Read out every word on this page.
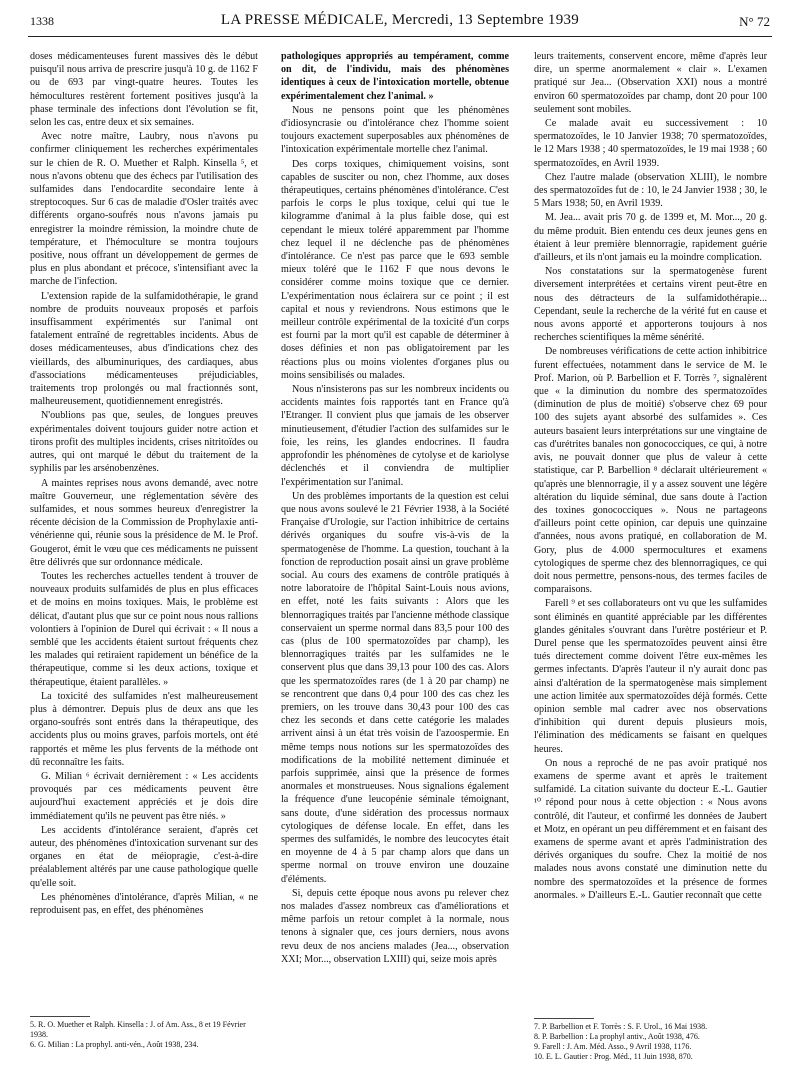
1338	LA PRESSE MÉDICALE, Mercredi, 13 Septembre 1939	N° 72

doses médicamenteuses furent massives dès le début puisqu'il nous arriva de prescrire jusqu'à 10 g. de 1162 F ou de 693 par vingt-quatre heures. Toutes les hémocultures restèrent fortement positives jusqu'à la phase terminale des infections dont l'évolution se fit, selon les cas, entre deux et six semaines.

Avec notre maître, Laubry, nous n'avons pu confirmer cliniquement les recherches expérimentales sur le chien de R. O. Muether et Ralph. Kinsella ⁵, et nous n'avons obtenu que des échecs par l'utilisation des sulfamides dans l'endocardite secondaire lente à streptocoques. Sur 6 cas de maladie d'Osler traités avec différents organo-soufrés nous n'avons jamais pu enregistrer la moindre rémission, la moindre chute de température, et l'hémoculture se montra toujours positive, nous offrant un développement de germes de plus en plus abondant et précoce, s'intensifiant avec la marche de l'infection.

L'extension rapide de la sulfamidothérapie, le grand nombre de produits nouveaux proposés et parfois insuffisamment expérimentés sur l'animal ont fatalement entraîné de regrettables incidents. Abus de doses médicamenteuses, abus d'indications chez des vieillards, des albuminuriques, des cardiaques, abus d'associations médicamenteuses préjudiciables, traitements trop prolongés ou mal fractionnés sont, malheureusement, quotidiennement enregistrés.

N'oublions pas que, seules, de longues preuves expérimentales doivent toujours guider notre action et tirons profit des multiples incidents, crises nitritoïdes ou autres, qui ont marqué le début du traitement de la syphilis par les arsénobenzènes.

A maintes reprises nous avons demandé, avec notre maître Gouverneur, une réglementation sévère des sulfamides, et nous sommes heureux d'enregistrer la récente décision de la Commission de Prophylaxie anti-vénérienne qui, réunie sous la présidence de M. le Prof. Gougerot, émit le vœu que ces médicaments ne puissent être délivrés que sur ordonnance médicale.

Toutes les recherches actuelles tendent à trouver de nouveaux produits sulfamidés de plus en plus efficaces et de moins en moins toxiques. Mais, le problème est délicat, d'autant plus que sur ce point nous nous rallions volontiers à l'opinion de Durel qui écrivait : « Il nous a semblé que les accidents étaient surtout fréquents chez les malades qui retiraient rapidement un bénéfice de la thérapeutique, comme si les deux actions, toxique et thérapeutique, étaient parallèles. »

La toxicité des sulfamides n'est malheureusement plus à démontrer. Depuis plus de deux ans que les organo-soufrés sont entrés dans la thérapeutique, des accidents plus ou moins graves, parfois mortels, ont été rapportés et même les plus fervents de la méthode ont dû reconnaître les faits.

G. Milian ⁶ écrivait dernièrement : « Les accidents provoqués par ces médicaments peuvent être aujourd'hui exactement appréciés et je dois dire immédiatement qu'ils ne peuvent pas être niés. »

Les accidents d'intolérance seraient, d'après cet auteur, des phénomènes d'intoxication survenant sur des organes en état de méiopragie, c'est-à-dire préalablement altérés par une cause pathologique quelle qu'elle soit.

Les phénomènes d'intolérance, d'après Milian, « ne reproduisent pas, en effet, des phénomènes

pathologiques appropriés au tempérament, comme on dit, de l'individu, mais des phénomènes identiques à ceux de l'intoxication mortelle, obtenue expérimentalement chez l'animal. »

Nous ne pensons point que les phénomènes d'idiosyncrasie ou d'intolérance chez l'homme soient toujours exactement superposables aux phénomènes de l'intoxication expérimentale mortelle chez l'animal.

Des corps toxiques, chimiquement voisins, sont capables de susciter ou non, chez l'homme, aux doses thérapeutiques, certains phénomènes d'intolérance. C'est parfois le corps le plus toxique, celui qui tue le kilogramme d'animal à la plus faible dose, qui est cependant le mieux toléré apparemment par l'homme chez lequel il ne déclenche pas de phénomènes d'intolérance. Ce n'est pas parce que le 693 semble mieux toléré que le 1162 F que nous devons le considérer comme moins toxique que ce dernier. L'expérimentation nous éclairera sur ce point ; il est capital et nous y reviendrons. Nous estimons que le meilleur contrôle expérimental de la toxicité d'un corps est fourni par la mort qu'il est capable de déterminer à doses définies et non pas obligatoirement par les réactions plus ou moins violentes d'organes plus ou moins sensibilisés ou malades.

Nous n'insisterons pas sur les nombreux incidents ou accidents maintes fois rapportés tant en France qu'à l'Etranger. Il convient plus que jamais de les observer minutieusement, d'étudier l'action des sulfamides sur le foie, les reins, les glandes endocrines. Il faudra approfondir les phénomènes de cytolyse et de kariolyse déclenchés et il conviendra de multiplier l'expérimentation sur l'animal.

Un des problèmes importants de la question est celui que nous avons soulevé le 21 Février 1938, à la Société Française d'Urologie, sur l'action inhibitrice de certains dérivés organiques du soufre vis-à-vis de la spermatogenèse de l'homme. La question, touchant à la fonction de reproduction posait ainsi un grave problème social. Au cours des examens de contrôle pratiqués à notre laboratoire de l'hôpital Saint-Louis nous avions, en effet, noté les faits suivants : Alors que les blennorragiques traités par l'ancienne méthode classique conservaient un sperme normal dans 83,5 pour 100 des cas (plus de 100 spermatozoïdes par champ), les blennorragiques traités par les sulfamides ne le conservent plus que dans 39,13 pour 100 des cas. Alors que les spermatozoïdes rares (de 1 à 20 par champ) ne se rencontrent que dans 0,4 pour 100 des cas chez les premiers, on les trouve dans 30,43 pour 100 des cas chez les seconds et dans cette catégorie les malades arrivent ainsi à un état très voisin de l'azoospermie. En même temps nous notions sur les spermatozoïdes des modifications de la mobilité nettement diminuée et parfois supprimée, ainsi que la présence de formes anormales et monstrueuses. Nous signalions également la fréquence d'une leucopénie séminale témoignant, sans doute, d'une sidération des processus normaux cytologiques de défense locale. En effet, dans les spermes des sulfamidés, le nombre des leucocytes était en moyenne de 4 à 5 par champ alors que dans un sperme normal on trouve environ une douzaine d'éléments.

Si, depuis cette époque nous avons pu relever chez nos malades d'assez nombreux cas d'améliorations et même parfois un retour complet à la normale, nous tenons à signaler que, ces jours derniers, nous avons revu deux de nos anciens malades (Jea..., observation XXI; Mor..., observation LXIII) qui, seize mois après

leurs traitements, conservent encore, même d'après leur dire, un sperme anormalement « clair ». L'examen pratiqué sur Jea... (Observation XXI) nous a montré environ 60 spermatozoïdes par champ, dont 20 pour 100 seulement sont mobiles.

Ce malade avait eu successivement : 10 spermatozoïdes, le 10 Janvier 1938; 70 spermatozoïdes, le 12 Mars 1938 ; 40 spermatozoïdes, le 19 mai 1938 ; 60 spermatozoïdes, en Avril 1939.

Chez l'autre malade (observation XLIII), le nombre des spermatozoïdes fut de : 10, le 24 Janvier 1938 ; 30, le 5 Mars 1938; 50, en Avril 1939.

M. Jea... avait pris 70 g. de 1399 et, M. Mor..., 20 g. du même produit. Bien entendu ces deux jeunes gens en étaient à leur première blennorragie, rapidement guérie d'ailleurs, et ils n'ont jamais eu la moindre complication.

Nos constatations sur la spermatogenèse furent diversement interprétées et certains virent peut-être en nous des détracteurs de la sulfamidothérapie... Cependant, seule la recherche de la vérité fut en cause et nous avons apporté et apporterons toujours à nos recherches scientifiques la même sénérité.

De nombreuses vérifications de cette action inhibitrice furent effectuées, notamment dans le service de M. le Prof. Marion, où P. Barbellion et F. Torrès ⁷, signalèrent que « la diminution du nombre des spermatozoïdes (diminution de plus de moitié) s'observe chez 69 pour 100 des sujets ayant absorbé des sulfamides ». Ces auteurs basaient leurs interprétations sur une vingtaine de cas d'urétrites banales non gonococciques, ce qui, à notre avis, ne pouvait donner que plus de valeur à cette statistique, car P. Barbellion ⁸ déclarait ultérieurement « qu'après une blennorragie, il y a assez souvent une légère altération du liquide séminal, due sans doute à l'action des toxines gonococciques ». Nous ne partageons d'ailleurs point cette opinion, car depuis une quinzaine d'années, nous avons pratiqué, en collaboration de M. Gory, plus de 4.000 spermocultures et examens cytologiques de sperme chez des blennorragiques, ce qui doit nous permettre, pensons-nous, des termes faciles de comparaisons.

Farell ⁹ et ses collaborateurs ont vu que les sulfamides sont éliminés en quantité appréciable par les différentes glandes génitales s'ouvrant dans l'urètre postérieur et P. Durel pense que les spermatozoïdes peuvent ainsi être tués directement comme doivent l'être eux-mêmes les germes infectants. D'après l'auteur il n'y aurait donc pas ainsi d'altération de la spermatogenèse mais simplement une action limitée aux spermatozoïdes déjà formés. Cette opinion semble mal cadrer avec nos observations d'inhibition qui durent depuis plusieurs mois, l'élimination des médicaments se faisant en quelques heures.

On nous a reproché de ne pas avoir pratiqué nos examens de sperme avant et après le traitement sulfamidé. La citation suivante du docteur E.-L. Gautier ¹⁰ répond pour nous à cette objection : « Nous avons contrôlé, dit l'auteur, et confirmé les données de Jaubert et Motz, en opérant un peu différemment et en faisant des examens de sperme avant et après l'administration des dérivés organiques du soufre. Chez la moitié de nos malades nous avons constaté une diminution nette du nombre des spermatozoïdes et la présence de formes anormales. » D'ailleurs E.-L. Gautier reconnaît que cette

5. R. O. Muether et Ralph. Kinsella : J. of Am. Ass., 8 et 19 Février 1938.
6. G. Milian : La prophyl. anti-vén., Août 1938, 234.
7. P. Barbellion et F. Torrès : S. F. Urol., 16 Mai 1938.
8. P. Barbellion : La prophyl antiv., Août 1938, 476.
9. Farell : J. Am. Méd. Asso., 9 Avril 1938, 1176.
10. E. L. Gautier : Prog. Méd., 11 Juin 1938, 870.
